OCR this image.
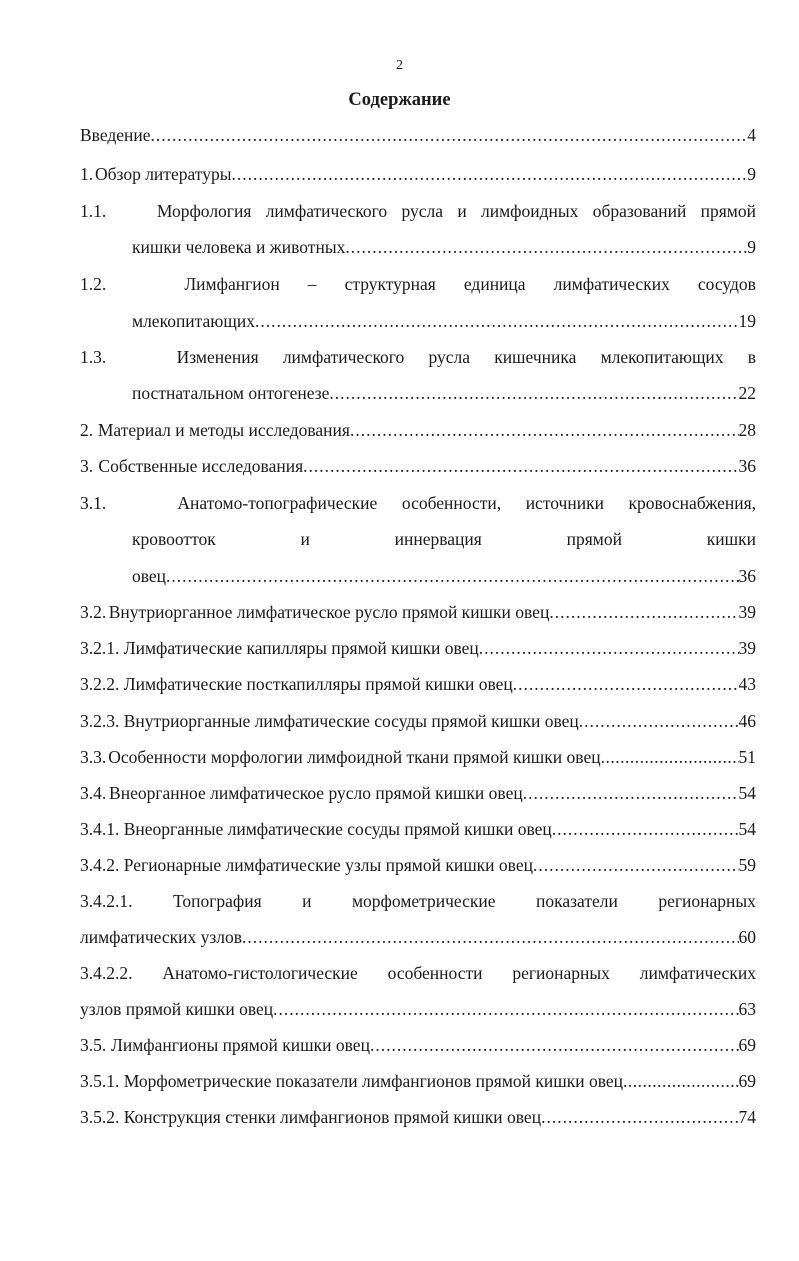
2
Содержание
Введение .....	4
1. Обзор литературы .....	9
1.1.	Морфология лимфатического русла и лимфоидных образований прямой
кишки человека и животных .....	9
1.2.	Лимфангион – структурная единица лимфатических сосудов
млекопитающих .....	19
1.3.	Изменения лимфатического русла кишечника млекопитающих в
постнатальном онтогенезе .....	22
2. Материал и методы исследования .....	28
3. Собственные исследования .....	36
3.1.	Анатомо-топографические особенности, источники кровоснабжения,
кровоотток	и	иннервация	прямой	кишки
овец .....	36
3.2. Внутриорганное лимфатическое русло прямой кишки овец .....	39
3.2.1. Лимфатические капилляры прямой кишки овец .....	39
3.2.2. Лимфатические посткапилляры прямой кишки овец .....	43
3.2.3. Внутриорганные лимфатические сосуды прямой кишки овец .....	46
3.3. Особенности морфологии лимфоидной ткани прямой кишки овец .....	51
3.4. Внеорганное лимфатическое русло прямой кишки овец .....	54
3.4.1. Внеорганные лимфатические сосуды прямой кишки овец .....	54
3.4.2. Регионарные лимфатические узлы прямой кишки овец .....	59
3.4.2.1. Топография и морфометрические показатели регионарных
лимфатических узлов .....	60
3.4.2.2. Анатомо-гистологические особенности регионарных лимфатических
узлов прямой кишки овец .....	63
3.5. Лимфангионы прямой кишки овец .....	69
3.5.1. Морфометрические показатели лимфангионов прямой кишки овец .....	69
3.5.2. Конструкция стенки лимфангионов прямой кишки овец .....	74
